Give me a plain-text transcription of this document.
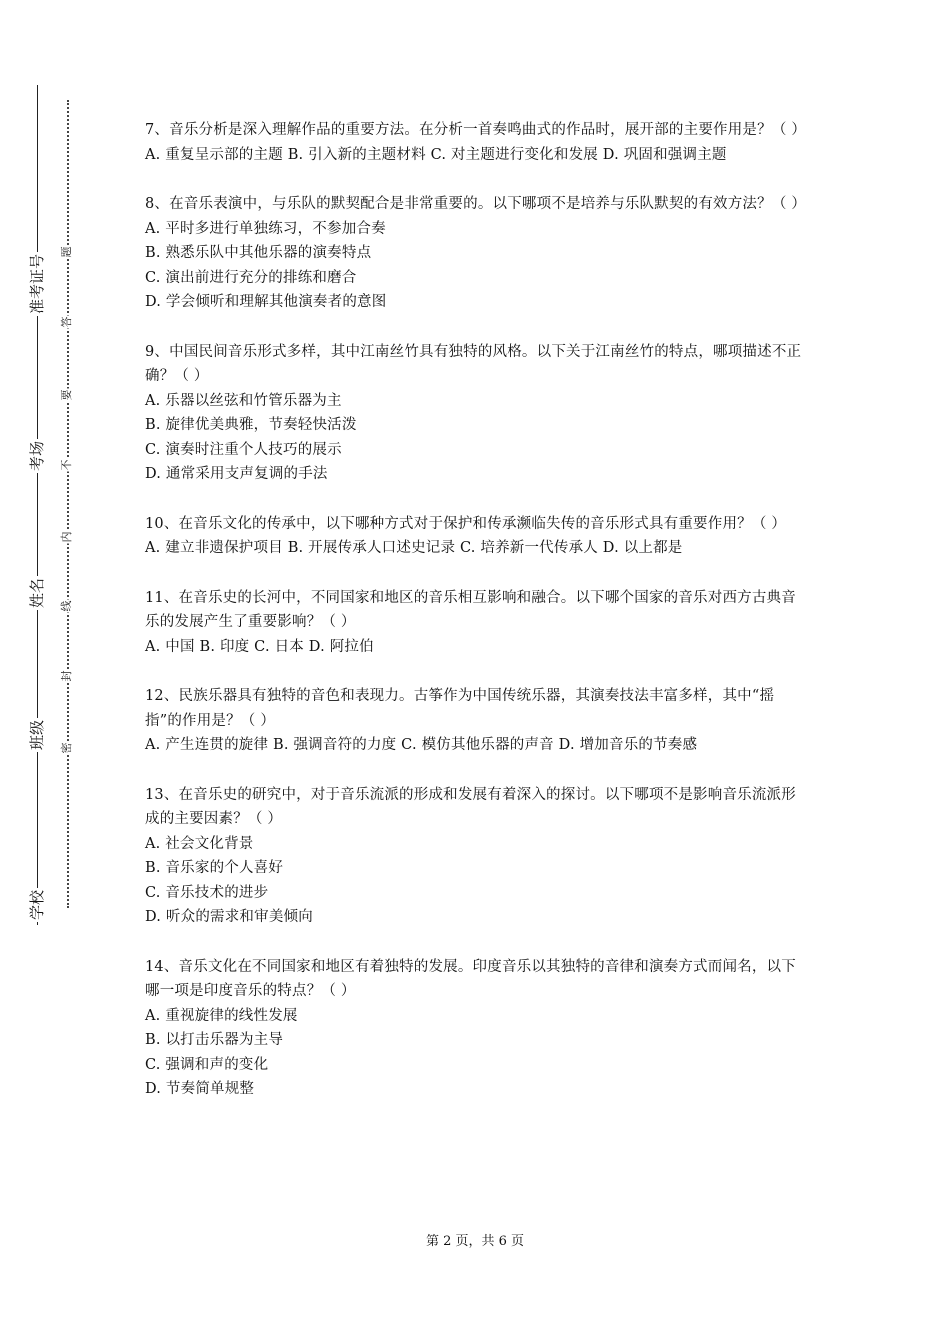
准考证号
考场
姓名
班级
学校
题
答
要
不
内
线
封
密

7、音乐分析是深入理解作品的重要方法。在分析一首奏鸣曲式的作品时，展开部的主要作用是？（ ）

A. 重复呈示部的主题 B. 引入新的主题材料 C. 对主题进行变化和发展 D. 巩固和强调主题

8、在音乐表演中，与乐队的默契配合是非常重要的。以下哪项不是培养与乐队默契的有效方法？（ ）

A. 平时多进行单独练习，不参加合奏

B. 熟悉乐队中其他乐器的演奏特点

C. 演出前进行充分的排练和磨合

D. 学会倾听和理解其他演奏者的意图

9、中国民间音乐形式多样，其中江南丝竹具有独特的风格。以下关于江南丝竹的特点，哪项描述不正确？（ ）

A. 乐器以丝弦和竹管乐器为主

B. 旋律优美典雅，节奏轻快活泼

C. 演奏时注重个人技巧的展示

D. 通常采用支声复调的手法

10、在音乐文化的传承中，以下哪种方式对于保护和传承濒临失传的音乐形式具有重要作用？（ ）

A. 建立非遗保护项目 B. 开展传承人口述史记录 C. 培养新一代传承人 D. 以上都是

11、在音乐史的长河中，不同国家和地区的音乐相互影响和融合。以下哪个国家的音乐对西方古典音乐的发展产生了重要影响？（ ）

A. 中国 B. 印度 C. 日本 D. 阿拉伯

12、民族乐器具有独特的音色和表现力。古筝作为中国传统乐器，其演奏技法丰富多样，其中“摇指”的作用是？（ ）

A. 产生连贯的旋律 B. 强调音符的力度 C. 模仿其他乐器的声音 D. 增加音乐的节奏感

13、在音乐史的研究中，对于音乐流派的形成和发展有着深入的探讨。以下哪项不是影响音乐流派形成的主要因素？（ ）

A. 社会文化背景

B. 音乐家的个人喜好

C. 音乐技术的进步

D. 听众的需求和审美倾向

14、音乐文化在不同国家和地区有着独特的发展。印度音乐以其独特的音律和演奏方式而闻名，以下哪一项是印度音乐的特点？（ ）

A. 重视旋律的线性发展

B. 以打击乐器为主导

C. 强调和声的变化

D. 节奏简单规整

第 2 页，共 6 页
